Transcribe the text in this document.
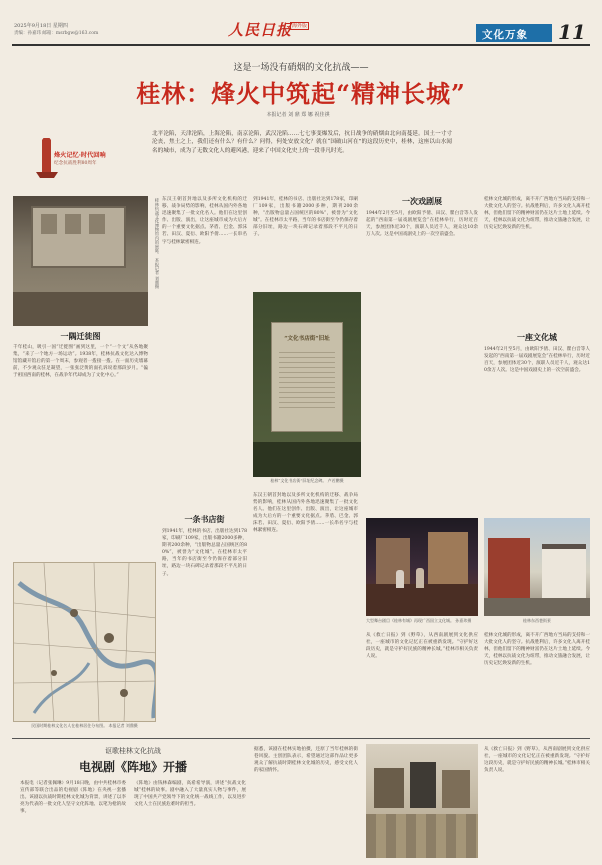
2025年9月18日 星期四
责编：孙嘉玮 邮箱：msrbgw@163.com	人民日报 海外版
文化万象 11
这是一场没有硝烟的文化抗战——
桂林：烽火中筑起“精神长城”
本报记者 刘 鼎 郑 娜 祝佳祺
烽火记忆·时代回响
纪念抗战胜利80周年
北平沦陷，天津沦陷，上海沦陷，南京沦陷，武汉沦陷……七七事变爆发后，抗日战争的硝烟由北向南蔓延。国土一寸寸沦丧，焦土之上，我们还有什么？有什么？问得，何处安放文化？就在“国破山河在”的这段历史中，桂林，这座以山水闻名的城市，成为了无数文化人的避风港，迎来了中国文化史上的一段非凡时光。
桂林抗战文化博物馆内的展陈。 本报记者 刘鼎摄
一隅迁徙图
千年桂山，吸引一国“迁徙图”画到这里，一个“一个文”从各地聚集，“来了一个地方一场运动”。1938年，桂林抗战文化达入博物馆馆藏开馆后的第一个周末，参观者一拨接一拨。在一面历史墙幕前，不少观众驻足凝望，一张张泛黄的面孔诉说着那段岁月。“偏于祖国西南的桂林，在战争年代却成为了文化中心。”
民国时期桂林文化名人在桂林居住分布图。 本报记者 刘鼎摄
东汉王朝首封地以及多所文化机构的迁移、战争局势的影响，桂林从国内外各地迅速聚集了一批文化名人。他们在这里创作、出版、演出，让这座城市成为大后方的一个重要文化据点。茅盾、巴金、郭沫若、田汉、夏衍、欧阳予倩……一长串名字与桂林紧密相连。
一条书店街
到1941年，桂林的书店、出版社达到178家，印刷厂109家，出版书籍2000多种，期刊200余种，“出版物总量占国统区的80%”，被誉为“文化城”。在桂林市太平路，当年的书店街至今仍保存着部分旧址，路边一块石碑记录着那段不平凡的日子。
到1941年，桂林的书店、出版社达到178家，印刷厂109家，出版书籍2000多种，期刊200余种，“出版物总量占国统区的80%”，被誉为“文化城”。在桂林市太平路，当年的书店街至今仍保存着部分旧址，路边一块石碑记录着那段不平凡的日子。
“文化书店街”旧址
桂林“文化书店街”旧址纪念碑。 卢若鹏摄
东汉王朝首封地以及多所文化机构的迁移、战争局势的影响，桂林从国内外各地迅速聚集了一批文化名人。他们在这里创作、出版、演出，让这座城市成为大后方的一个重要文化据点。茅盾、巴金、郭沫若、田汉、夏衍、欧阳予倩……一长串名字与桂林紧密相连。
一次戏剧展
1944年2月至5月，由欧阳予倩、田汉、瞿白音等人发起的“西南第一届戏剧展览会”在桂林举行，历时近百天，参展团体近30个，演职人员近千人，观众达10余万人次。这是中国戏剧史上的一次空前盛会。
桂林文化城的形成，离不开广西地方当局的支持和一大批文化人的坚守。抗战胜利后，许多文化人离开桂林，但他们留下的精神财富仍在这片土地上延续。今天，桂林以抗战文化为纽带，推动文旅融合发展，让历史记忆焕发新的生机。
一座文化城
1944年2月至5月，由欧阳予倩、田汉、瞿白音等人发起的“西南第一届戏剧展览会”在桂林举行，历时近百天，参展团体近30个，演职人员近千人，观众达10余万人次。这是中国戏剧史上的一次空前盛会。
大型舞台剧目《桂林有城》再现广西国立文化城。 孙嘉玮摄	桂林东西巷街景
从《救亡日报》到《野草》，从西南剧展到文化供应社，一座城市的文化记忆正在被重新发现。“守护好这段历史，就是守护好民族的精神长城。”桂林市相关负责人说。
桂林文化城的形成，离不开广西地方当局的支持和一大批文化人的坚守。抗战胜利后，许多文化人离开桂林，但他们留下的精神财富仍在这片土地上延续。今天，桂林以抗战文化为纽带，推动文旅融合发展，让历史记忆焕发新的生机。
讴歌桂林文化抗战
电视剧《阵地》开播
本报电（记者张佩琳）9月18日晚，由中共桂林市委宣传部等联合出品的电视剧《阵地》在央视一套播出。该剧以抗战时期桂林文化城为背景，讲述了以李亮为代表的一批文化人坚守文化阵地、以笔为枪的故事。
《阵地》由钱林森编剧，高希希导演，讲述“抗战文化城”桂林的故事。剧中融入了大量真实人物与事件，展现了中国共产党领导下的文化统一战线工作，以及进步文化人士在民族危难时的担当。
据悉，该剧在桂林实地拍摄，还原了当年桂林的街巷风貌。主创团队表示，希望通过这部作品让更多观众了解抗战时期桂林文化城的历史，感受文化人的家国情怀。
从《救亡日报》到《野草》，从西南剧展到文化供应社，一座城市的文化记忆正在被重新发现。“守护好这段历史，就是守护好民族的精神长城。”桂林市相关负责人说。
